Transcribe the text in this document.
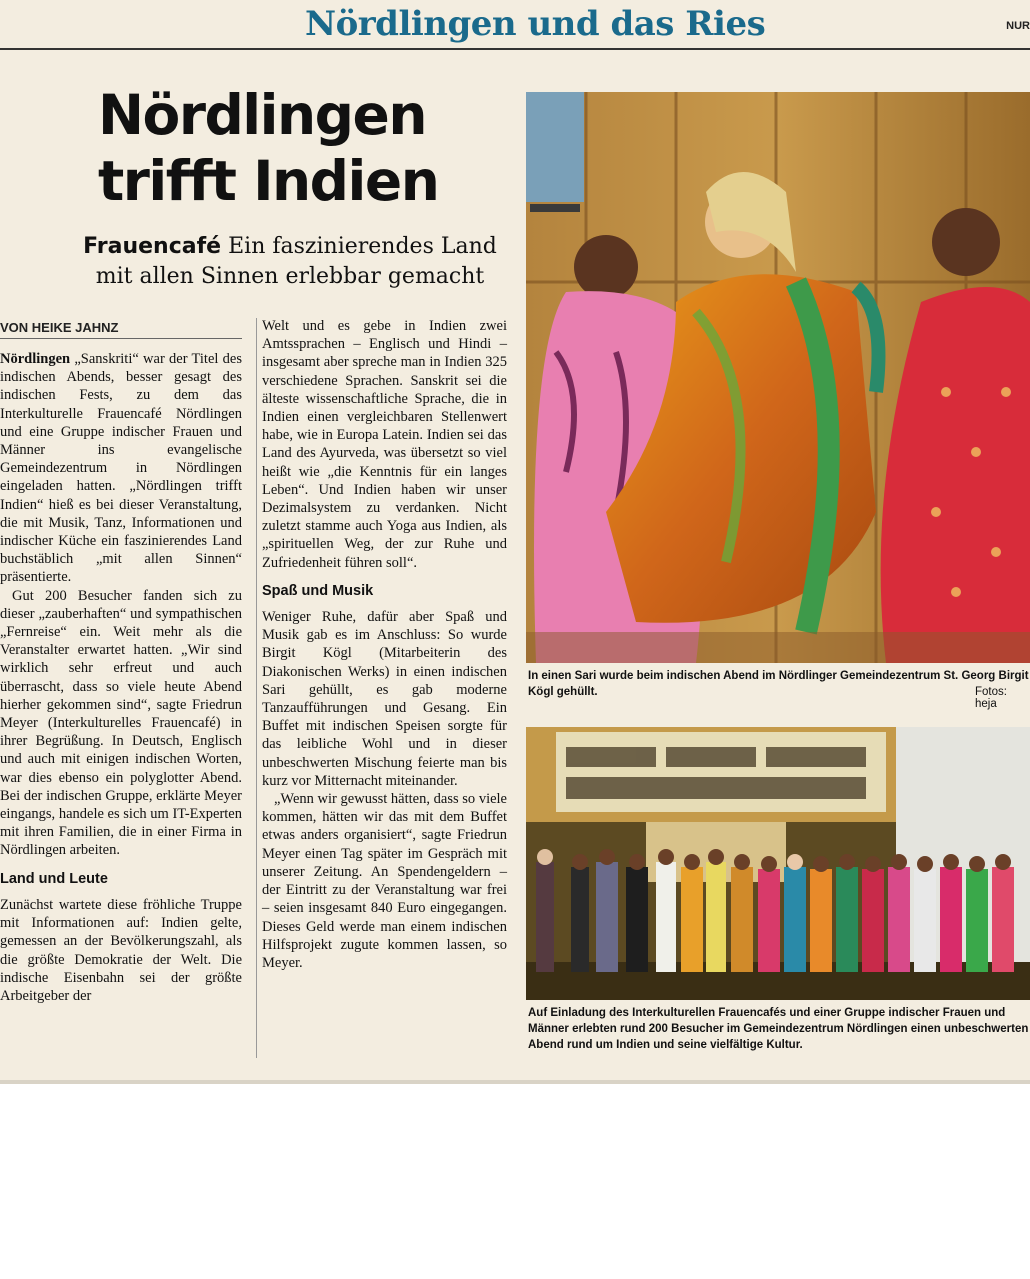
Nördlingen und das Ries	NUR
Nördlingen
trifft Indien
Frauencafé Ein faszinierendes Land
mit allen Sinnen erlebbar gemacht
VON HEIKE JAHNZ

Nördlingen „Sanskriti“ war der Titel des indischen Abends, besser gesagt des indischen Fests, zu dem das Interkulturelle Frauencafé Nördlingen und eine Gruppe indischer Frauen und Männer ins evangelische Gemeindezentrum in Nördlingen eingeladen hatten. „Nördlingen trifft Indien“ hieß es bei dieser Veranstaltung, die mit Musik, Tanz, Informationen und indischer Küche ein faszinierendes Land buchstäblich „mit allen Sinnen“ präsentierte.

Gut 200 Besucher fanden sich zu dieser „zauberhaften“ und sympathischen „Fernreise“ ein. Weit mehr als die Veranstalter erwartet hatten. „Wir sind wirklich sehr erfreut und auch überrascht, dass so viele heute Abend hierher gekommen sind“, sagte Friedrun Meyer (Interkulturelles Frauencafé) in ihrer Begrüßung. In Deutsch, Englisch und auch mit einigen indischen Worten, war dies ebenso ein polyglotter Abend. Bei der indischen Gruppe, erklärte Meyer eingangs, handele es sich um IT-Experten mit ihren Familien, die in einer Firma in Nördlingen arbeiten.

Land und Leute

Zunächst wartete diese fröhliche Truppe mit Informationen auf: Indien gelte, gemessen an der Bevölkerungszahl, als die größte Demokratie der Welt. Die indische Eisenbahn sei der größte Arbeitgeber der

Welt und es gebe in Indien zwei Amtssprachen – Englisch und Hindi – insgesamt aber spreche man in Indien 325 verschiedene Sprachen. Sanskrit sei die älteste wissenschaftliche Sprache, die in Indien einen vergleichbaren Stellenwert habe, wie in Europa Latein. Indien sei das Land des Ayurveda, was übersetzt so viel heißt wie „die Kenntnis für ein langes Leben“. Und Indien haben wir unser Dezimalsystem zu verdanken. Nicht zuletzt stamme auch Yoga aus Indien, als „spirituellen Weg, der zur Ruhe und Zufriedenheit führen soll“.

Spaß und Musik

Weniger Ruhe, dafür aber Spaß und Musik gab es im Anschluss: So wurde Birgit Kögl (Mitarbeiterin des Diakonischen Werks) in einen indischen Sari gehüllt, es gab moderne Tanzaufführungen und Gesang. Ein Buffet mit indischen Speisen sorgte für das leibliche Wohl und in dieser unbeschwerten Mischung feierte man bis kurz vor Mitternacht miteinander.

„Wenn wir gewusst hätten, dass so viele kommen, hätten wir das mit dem Buffet etwas anders organisiert“, sagte Friedrun Meyer einen Tag später im Gespräch mit unserer Zeitung. An Spendengeldern – der Eintritt zu der Veranstaltung war frei – seien insgesamt 840 Euro eingegangen. Dieses Geld werde man einem indischen Hilfsprojekt zugute kommen lassen, so Meyer.

In einen Sari wurde beim indischen Abend im Nördlinger Gemeindezentrum St. Georg Birgit Kögl gehüllt.	Fotos: heja
Auf Einladung des Interkulturellen Frauencafés und einer Gruppe indischer Frauen und Männer erlebten rund 200 Besucher im Gemeindezentrum Nördlingen einen unbeschwerten Abend rund um Indien und seine vielfältige Kultur.
